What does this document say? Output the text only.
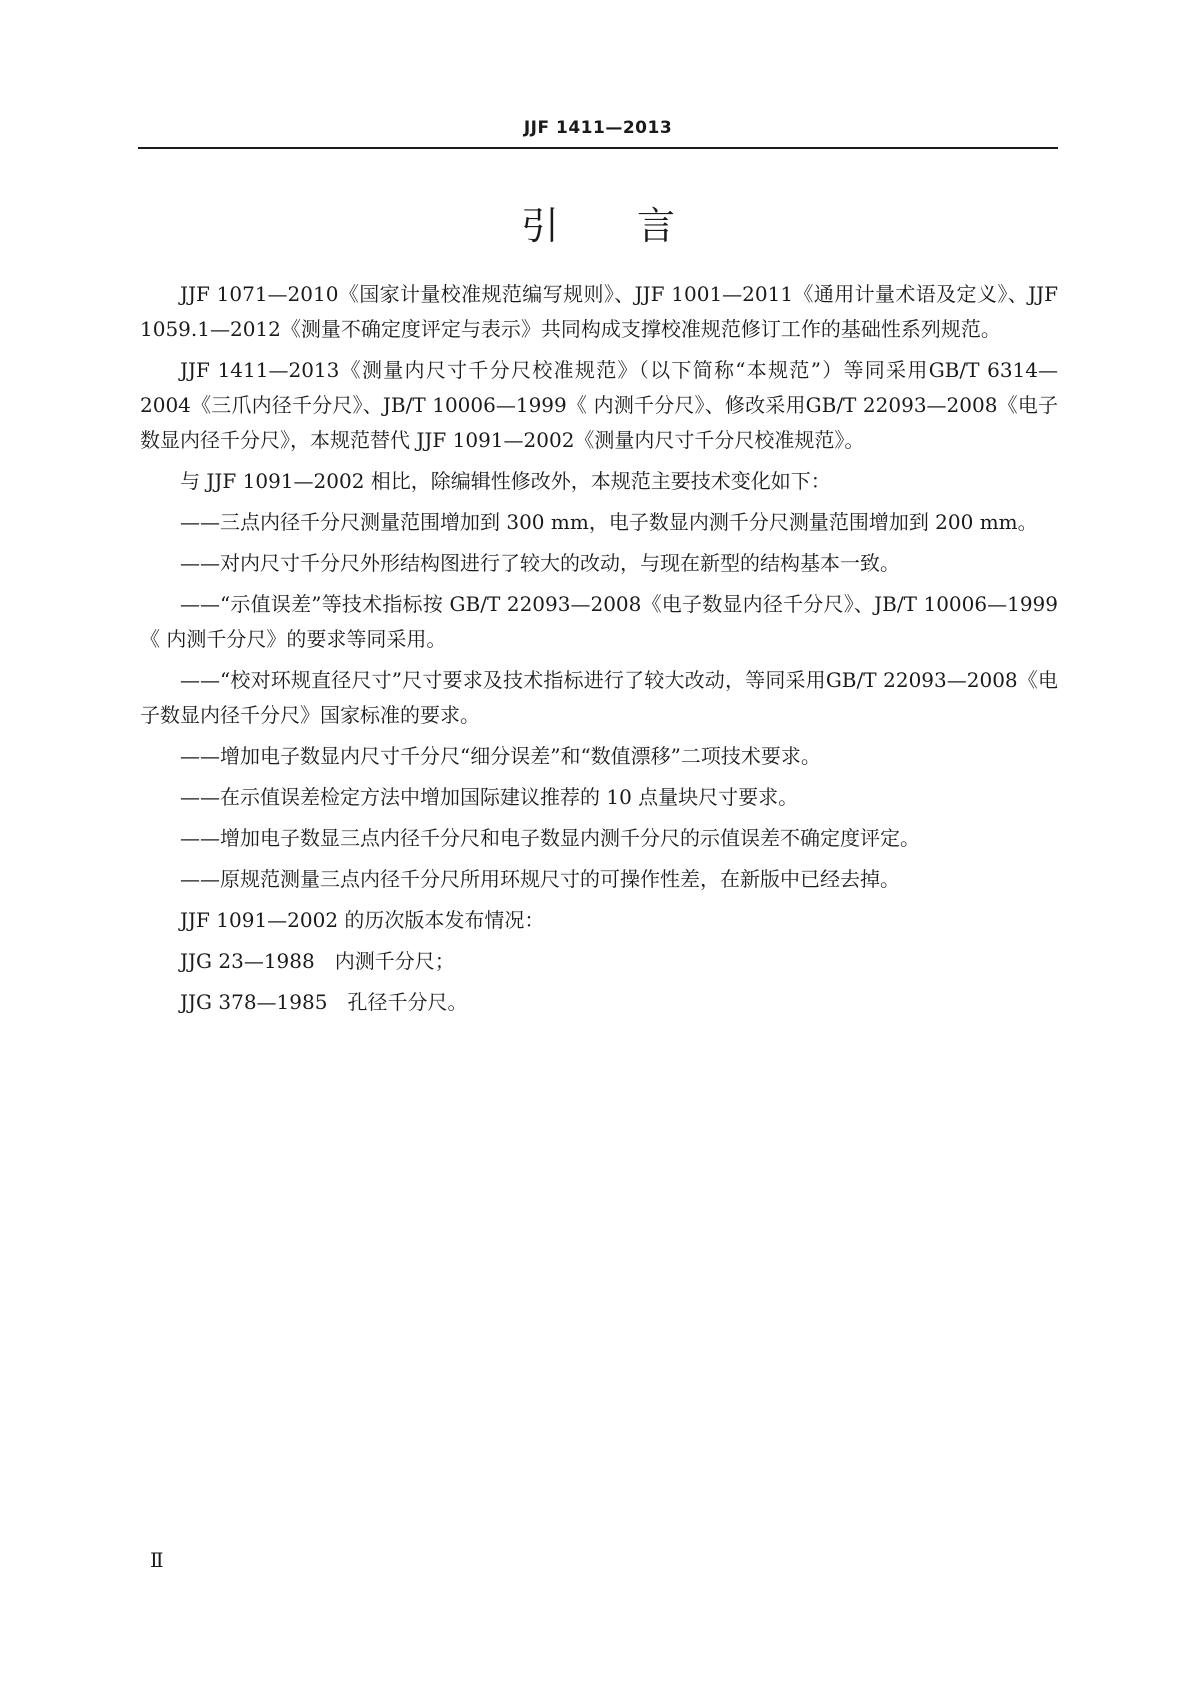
JJF 1411—2013
引言

JJF 1071—2010《国家计量校准规范编写规则》、JJF 1001—2011《通用计量术语及定义》、JJF 1059.1—2012《测量不确定度评定与表示》共同构成支撑校准规范修订工作的基础性系列规范。

JJF 1411—2013《测量内尺寸千分尺校准规范》（以下简称“本规范”）等同采用GB/T 6314—2004《三爪内径千分尺》、JB/T 10006—1999《 内测千分尺》、修改采用GB/T 22093—2008《电子数显内径千分尺》，本规范替代 JJF 1091—2002《测量内尺寸千分尺校准规范》。

与 JJF 1091—2002 相比，除编辑性修改外，本规范主要技术变化如下：

——三点内径千分尺测量范围增加到 300 mm，电子数显内测千分尺测量范围增加到 200 mm。

——对内尺寸千分尺外形结构图进行了较大的改动，与现在新型的结构基本一致。

——“示值误差”等技术指标按 GB/T 22093—2008《电子数显内径千分尺》、JB/T 10006—1999《 内测千分尺》的要求等同采用。

——“校对环规直径尺寸”尺寸要求及技术指标进行了较大改动，等同采用GB/T 22093—2008《电子数显内径千分尺》国家标准的要求。

——增加电子数显内尺寸千分尺“细分误差”和“数值漂移”二项技术要求。

——在示值误差检定方法中增加国际建议推荐的 10 点量块尺寸要求。

——增加电子数显三点内径千分尺和电子数显内测千分尺的示值误差不确定度评定。

——原规范测量三点内径千分尺所用环规尺寸的可操作性差，在新版中已经去掉。

JJF 1091—2002 的历次版本发布情况：

JJG 23—1988　内测千分尺；

JJG 378—1985　孔径千分尺。

Ⅱ
